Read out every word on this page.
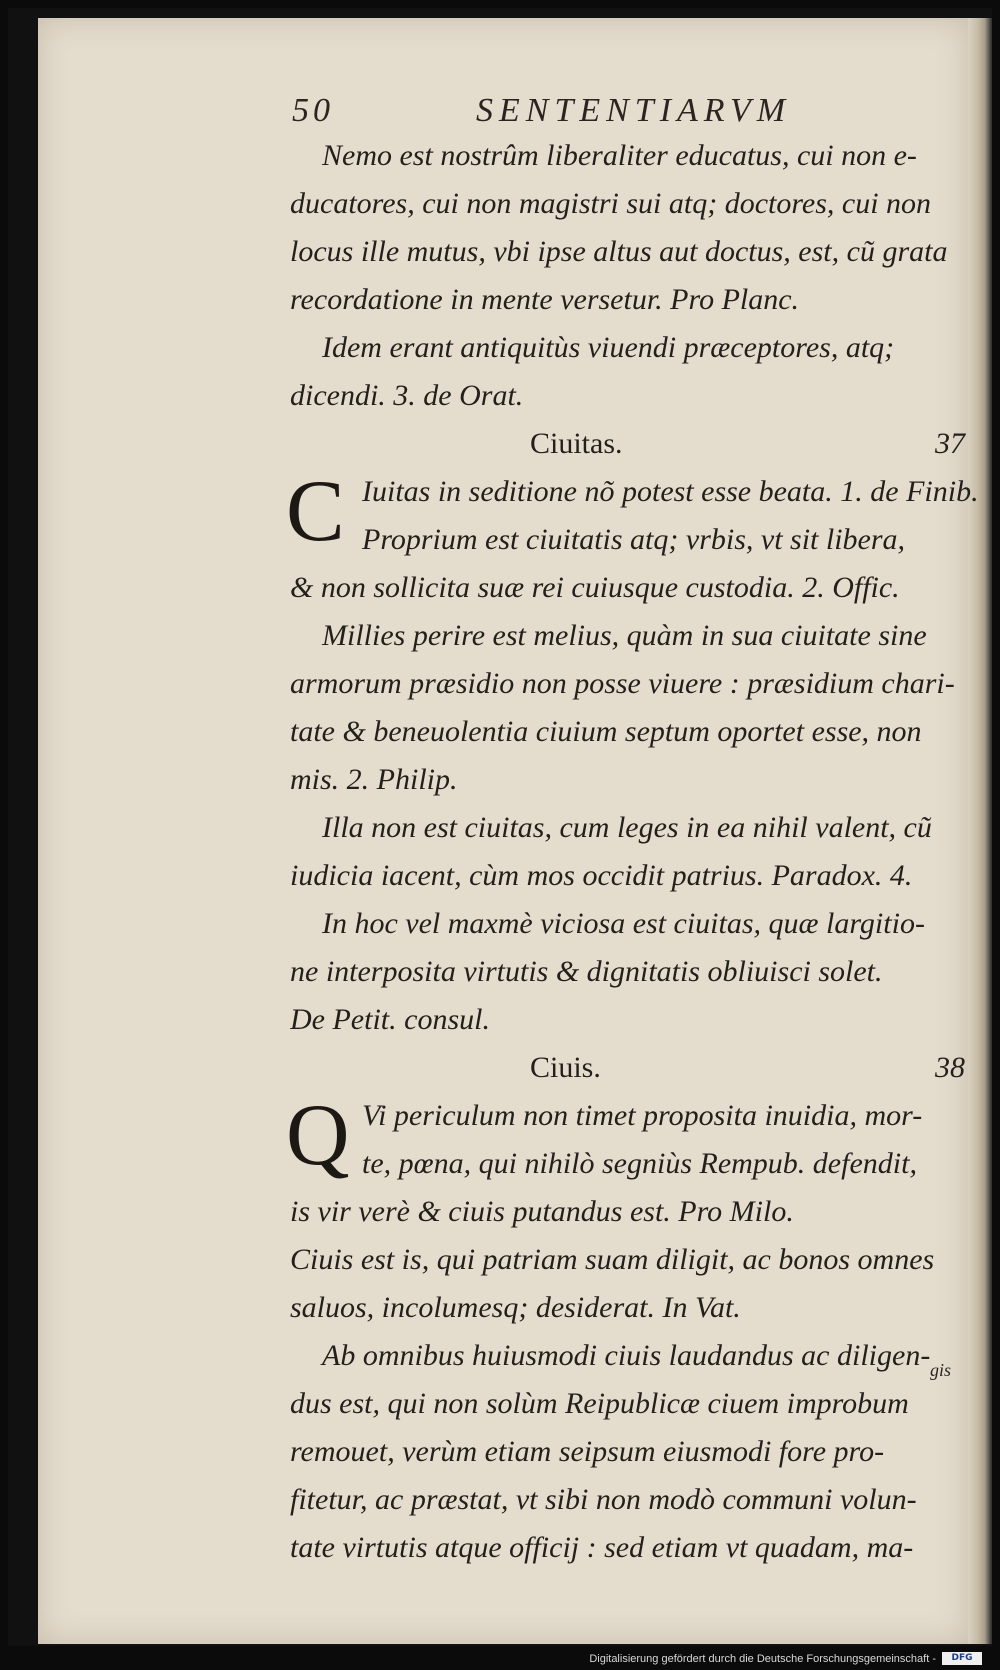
50	SENTENTIARVM
Nemo est nostrûm liberaliter educatus, cui non e-
ducatores, cui non magistri sui atq; doctores, cui non
locus ille mutus, vbi ipse altus aut doctus, est, cũ grata
recordatione in mente versetur. Pro Planc.
Idem erant antiquitùs viuendi præceptores, atq;
dicendi. 3. de Orat.
Ciuitas.	37
C Iuitas in seditione nõ potest esse beata. 1. de Finib.
Proprium est ciuitatis atq; vrbis, vt sit libera,
& non sollicita suæ rei cuiusque custodia. 2. Offic.
Millies perire est melius, quàm in sua ciuitate sine
armorum præsidio non posse viuere : præsidium chari-
tate & beneuolentia ciuium septum oportet esse, non
mis. 2. Philip.
Illa non est ciuitas, cum leges in ea nihil valent, cũ
iudicia iacent, cùm mos occidit patrius. Paradox. 4.
In hoc vel maxmè viciosa est ciuitas, quæ largitio-
ne interposita virtutis & dignitatis obliuisci solet.
De Petit. consul.
Ciuis.	38
Q Vi periculum non timet proposita inuidia, mor-
te, pœna, qui nihilò segniùs Rempub. defendit,
is vir verè & ciuis putandus est. Pro Milo.
Ciuis est is, qui patriam suam diligit, ac bonos omnes
saluos, incolumesq; desiderat. In Vat.
Ab omnibus huiusmodi ciuis laudandus ac diligen-
dus est, qui non solùm Reipublicæ ciuem improbum
remouet, verùm etiam seipsum eiusmodi fore pro-
fitetur, ac præstat, vt sibi non modò communi volun-
tate virtutis atque officij : sed etiam vt quadam, ma-
gis
Digitalisierung gefördert durch die Deutsche Forschungsgemeinschaft -	DFG
